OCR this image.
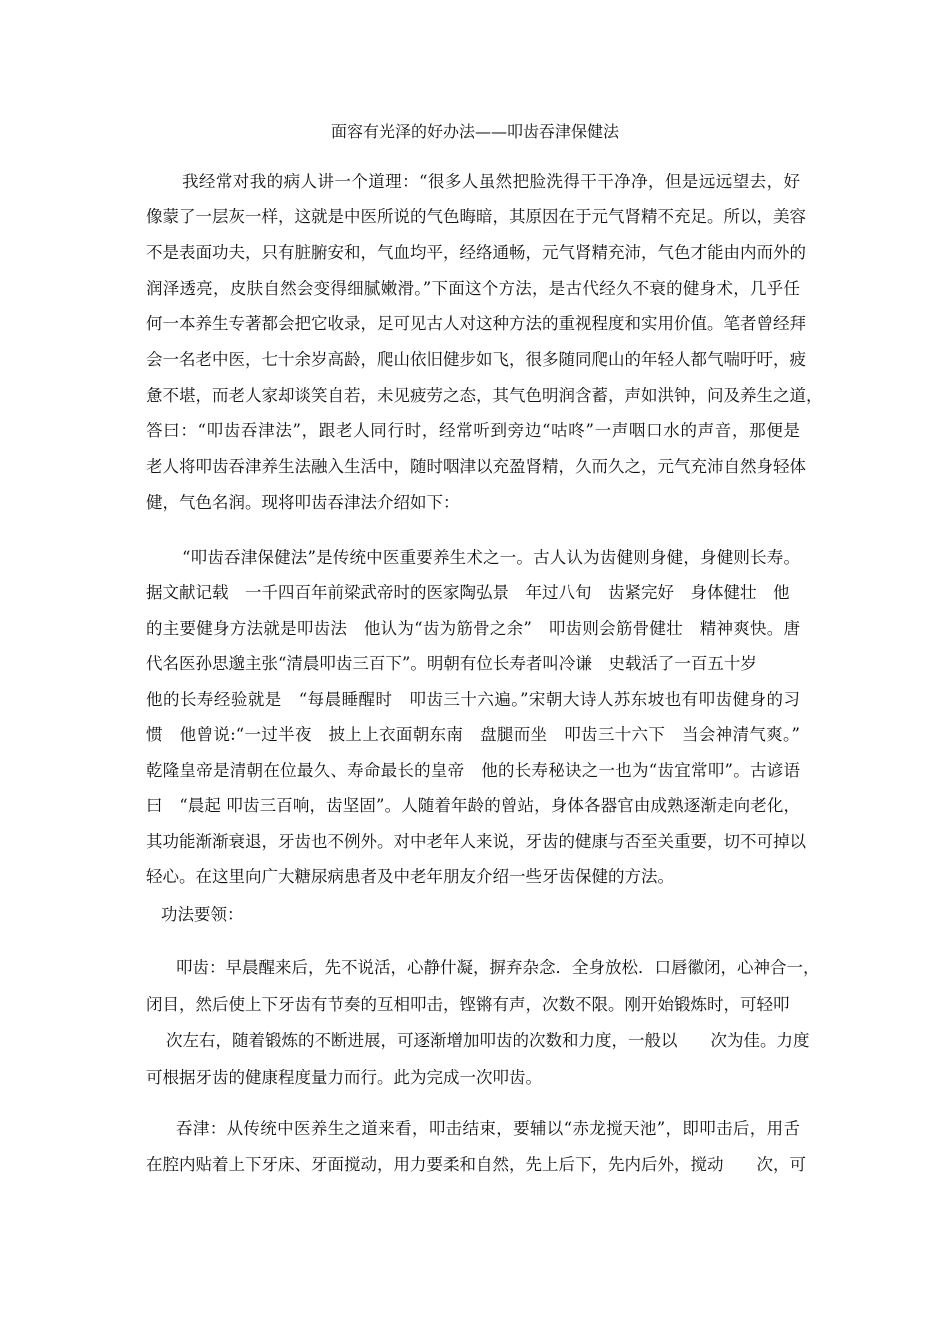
面容有光泽的好办法——叩齿吞津保健法
我经常对我的病人讲一个道理：“很多人虽然把脸洗得干干净净，但是远远望去，好
像蒙了一层灰一样，这就是中医所说的气色晦暗，其原因在于元气肾精不充足。所以，美容
不是表面功夫，只有脏腑安和，气血均平，经络通畅，元气肾精充沛，气色才能由内而外的
润泽透亮，皮肤自然会变得细腻嫩滑。”下面这个方法，是古代经久不衰的健身术，几乎任
何一本养生专著都会把它收录，足可见古人对这种方法的重视程度和实用价值。笔者曾经拜
会一名老中医，七十余岁高龄，爬山依旧健步如飞，很多随同爬山的年轻人都气喘吁吁，疲
惫不堪，而老人家却谈笑自若，未见疲劳之态，其气色明润含蓄，声如洪钟，问及养生之道，
答曰：“叩齿吞津法”，跟老人同行时，经常听到旁边“咕咚”一声咽口水的声音，那便是
老人将叩齿吞津养生法融入生活中，随时咽津以充盈肾精，久而久之，元气充沛自然身轻体
健，气色名润。现将叩齿吞津法介绍如下：
“叩齿吞津保健法”是传统中医重要养生术之一。古人认为齿健则身健，身健则长寿。
据文献记载　一千四百年前梁武帝时的医家陶弘景　年过八旬　齿紧完好　身体健壮　他
的主要健身方法就是叩齿法　他认为“齿为筋骨之余”　叩齿则会筋骨健壮　精神爽快。唐
代名医孙思邈主张“清晨叩齿三百下”。明朝有位长寿者叫冷谦　史载活了一百五十岁
他的长寿经验就是　“每晨睡醒时　叩齿三十六遍。”宋朝大诗人苏东坡也有叩齿健身的习
惯　他曾说:“一过半夜　披上上衣面朝东南　盘腿而坐　叩齿三十六下　当会神清气爽。”
乾隆皇帝是清朝在位最久、寿命最长的皇帝　他的长寿秘诀之一也为“齿宜常叩”。古谚语
曰　“晨起 叩齿三百响，齿坚固”。人随着年龄的曾站，身体各器官由成熟逐渐走向老化，
其功能渐渐衰退，牙齿也不例外。对中老年人来说，牙齿的健康与否至关重要，切不可掉以
轻心。在这里向广大糖尿病患者及中老年朋友介绍一些牙齿保健的方法。
功法要领：
叩齿：早晨醒来后，先不说活，心静什凝，摒弃杂念．全身放松．口唇徽闭，心神合一，
闭目，然后使上下牙齿有节奏的互相叩击，铿锵有声，次数不限。刚开始锻炼时，可轻叩
次左右，随着锻炼的不断进展，可逐渐增加叩齿的次数和力度，一般以　　次为佳。力度
可根据牙齿的健康程度量力而行。此为完成一次叩齿。
吞津：从传统中医养生之道来看，叩击结束，要辅以“赤龙搅天池”，即叩击后，用舌
在腔内贴着上下牙床、牙面搅动，用力要柔和自然，先上后下，先内后外，搅动　　次，可
